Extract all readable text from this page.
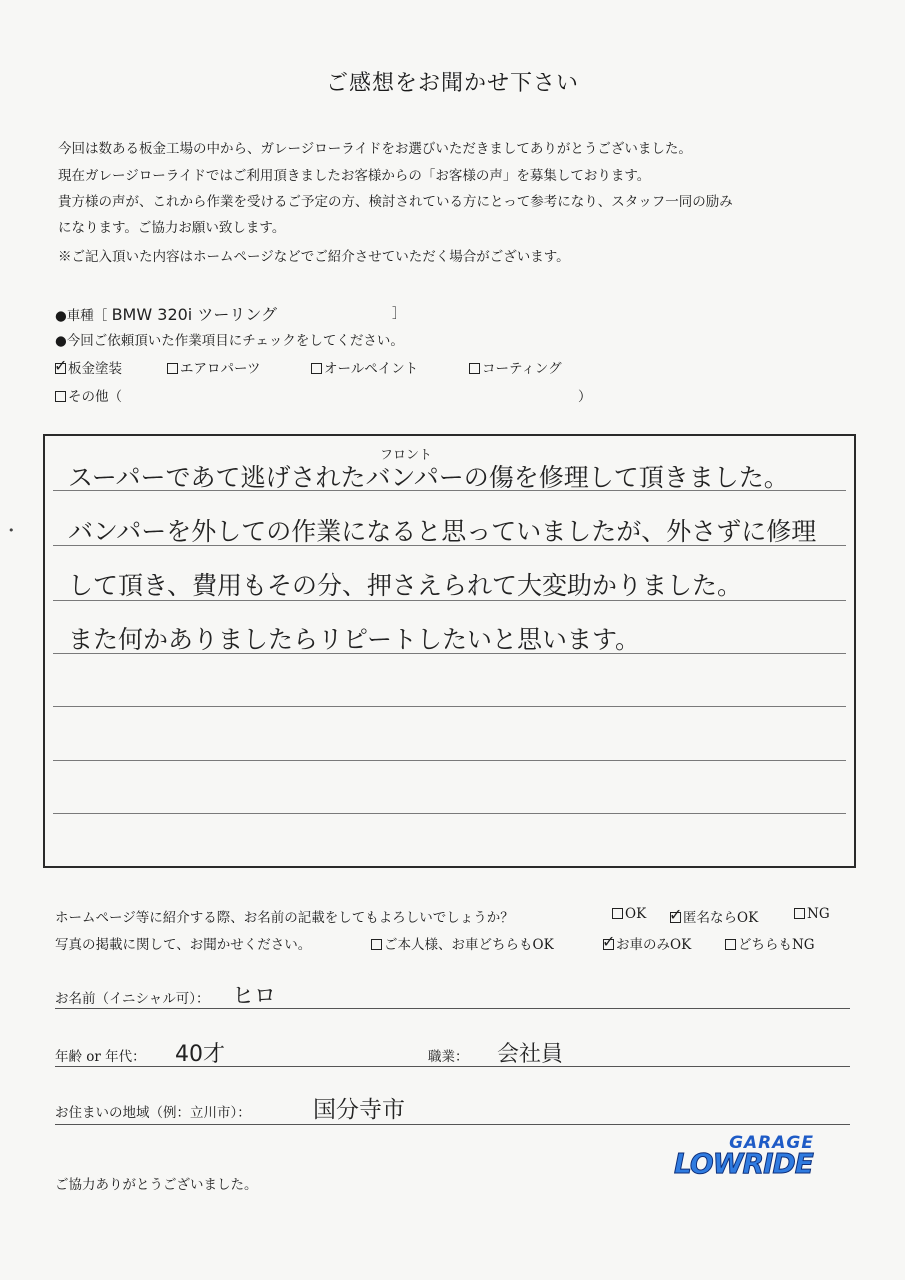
ご感想をお聞かせ下さい
今回は数ある板金工場の中から、ガレージローライドをお選びいただきましてありがとうございました。
現在ガレージローライドではご利用頂きましたお客様からの「お客様の声」を募集しております。
貴方様の声が、これから作業を受けるご予定の方、検討されている方にとって参考になり、スタッフ一同の励み
になります。ご協力お願い致します。
※ご記入頂いた内容はホームページなどでご紹介させていただく場合がございます。
●車種［ BMW 320i ツーリング	］
●今回ご依頼頂いた作業項目にチェックをしてください。
✓板金塗装	エアロパーツ	オールペイント	コーティング
その他（	）
フロント
スーパーであて逃げされたバンパーの傷を修理して頂きました。
バンパーを外しての作業になると思っていましたが、外さずに修理
して頂き、費用もその分、押さえられて大変助かりました。
また何かありましたらリピートしたいと思います。
ホームページ等に紹介する際、お名前の記載をしてもよろしいでしょうか？	OK ✓	匿名ならOK	NG
写真の掲載に関して、お聞かせください。	ご本人様、お車どちらもOK ✓	お車のみOK	どちらもNG
お名前（イニシャル可）： ヒロ
年齢 or 年代： 40才	職業： 会社員
お住まいの地域（例：立川市）：	国分寺市
ご協力ありがとうございました。
GARAGE
LOWRIDE
•
